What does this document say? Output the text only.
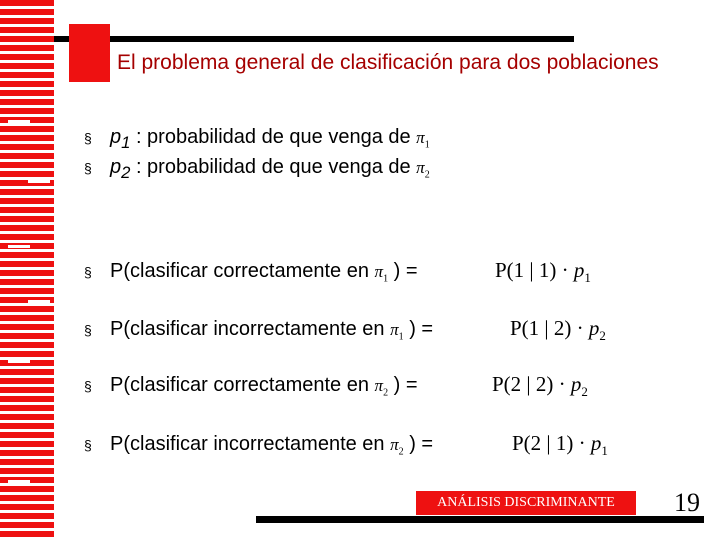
El problema general de clasificación para dos poblaciones
§ $p_1$ : probabilidad de que venga de $\pi_1$
§ $p_2$ : probabilidad de que venga de $\pi_2$
§ P(clasificar correctamente en $\pi_1$ ) =	P(1 | $1) \cdot p_1$
§ P(clasificar incorrectamente en $\pi_1$ ) =	P(1 | $2) \cdot p_2$
§ P(clasificar correctamente en $\pi_2$ ) =	P(2 | $2) \cdot p_2$
§ P(clasificar incorrectamente en $\pi_2$ ) =	P(2 | $1) \cdot p_1$
ANÁLISIS DISCRIMINANTE	19
